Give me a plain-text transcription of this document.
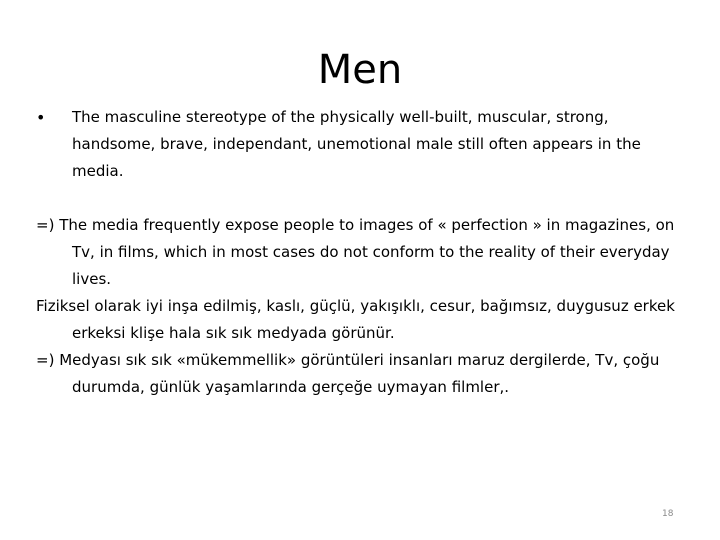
Men

• The masculine stereotype of the physically well-built, muscular, strong, handsome, brave, independant, unemotional male still often appears in the media.

=) The media frequently expose people to images of « perfection » in magazines, on Tv, in films, which in most cases do not conform to the reality of their everyday lives.

Fiziksel olarak iyi inşa edilmiş, kaslı, güçlü, yakışıklı, cesur, bağımsız, duygusuz erkek erkeksi klişe hala sık sık medyada görünür.

=) Medyası sık sık «mükemmellik» görüntüleri insanları maruz dergilerde, Tv, çoğu durumda, günlük yaşamlarında gerçeğe uymayan filmler,.

18
